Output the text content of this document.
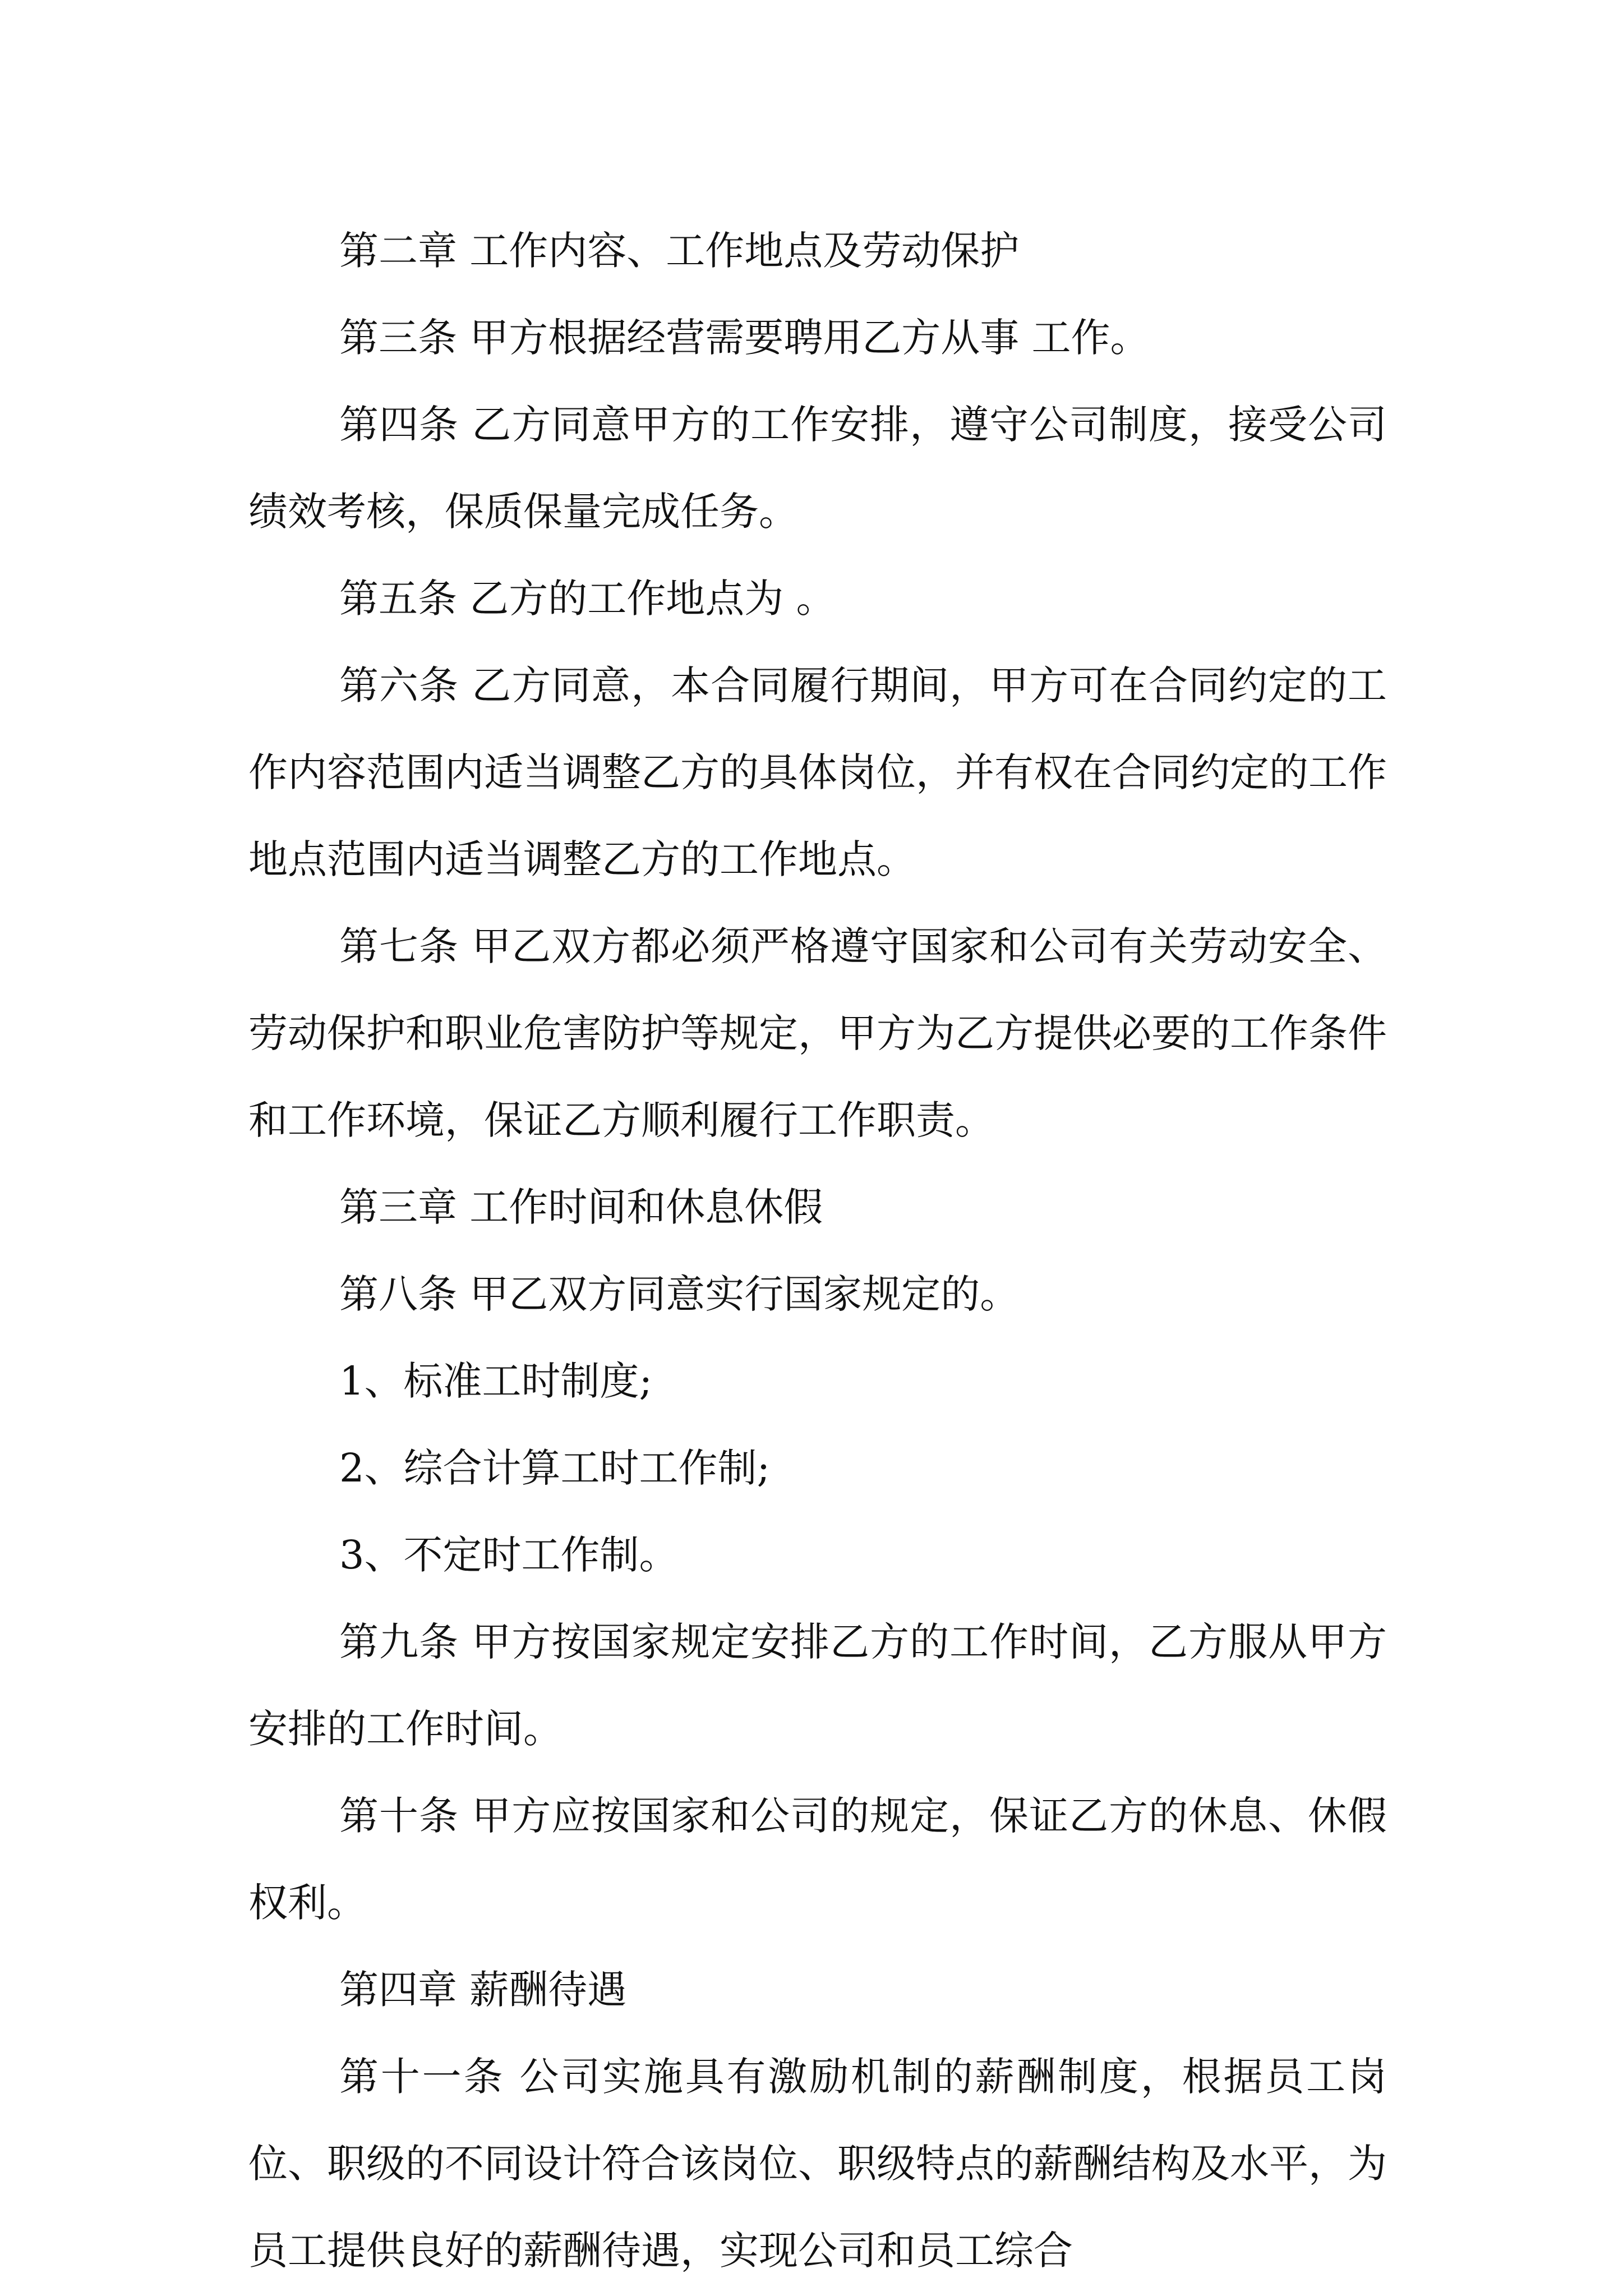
第二章 工作内容、工作地点及劳动保护

第三条 甲方根据经营需要聘用乙方从事 工作。

第四条 乙方同意甲方的工作安排，遵守公司制度，接受公司绩效考核，保质保量完成任务。

第五条 乙方的工作地点为 。

第六条 乙方同意，本合同履行期间，甲方可在合同约定的工作内容范围内适当调整乙方的具体岗位，并有权在合同约定的工作地点范围内适当调整乙方的工作地点。

第七条 甲乙双方都必须严格遵守国家和公司有关劳动安全、劳动保护和职业危害防护等规定，甲方为乙方提供必要的工作条件和工作环境，保证乙方顺利履行工作职责。

第三章 工作时间和休息休假

第八条 甲乙双方同意实行国家规定的。

1、标准工时制度;

2、综合计算工时工作制;

3、不定时工作制。

第九条 甲方按国家规定安排乙方的工作时间，乙方服从甲方安排的工作时间。

第十条 甲方应按国家和公司的规定，保证乙方的休息、休假权利。

第四章 薪酬待遇

第十一条 公司实施具有激励机制的薪酬制度，根据员工岗位、职级的不同设计符合该岗位、职级特点的薪酬结构及水平，为员工提供良好的薪酬待遇，实现公司和员工综合
